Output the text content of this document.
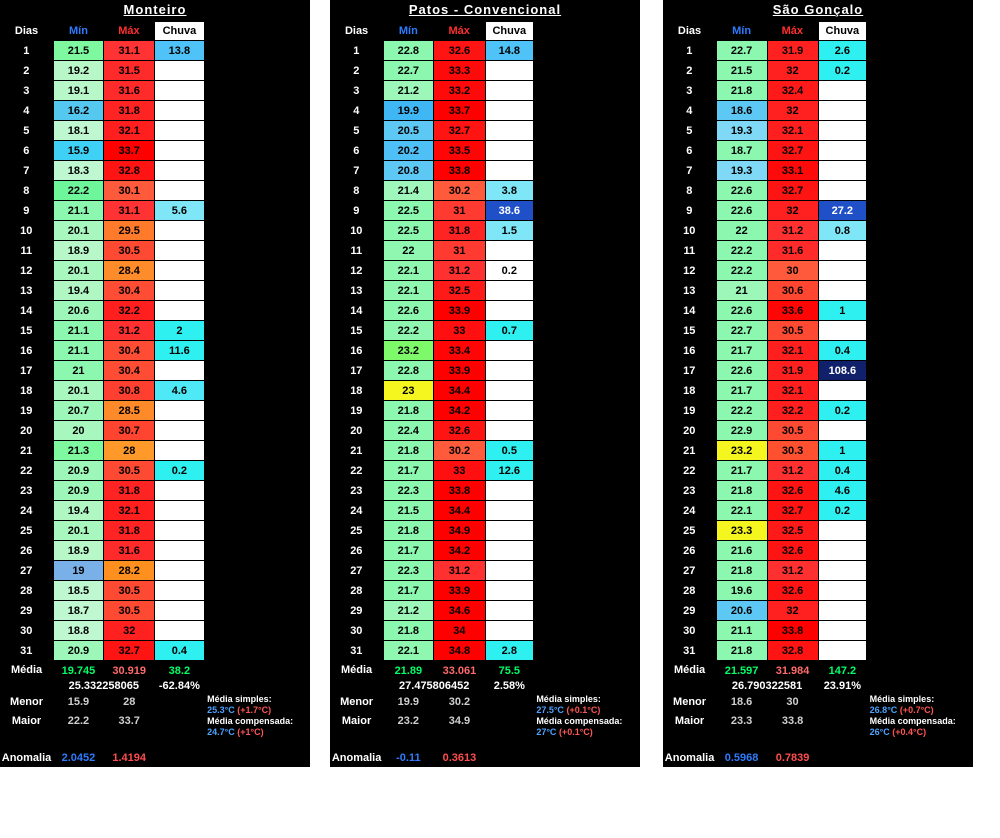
Monteiro
Dias	Mín	Máx	Chuva	
1	21.5	31.1	13.8	
2	19.2	31.5		
3	19.1	31.6		
4	16.2	31.8		
5	18.1	32.1		
6	15.9	33.7		
7	18.3	32.8		
8	22.2	30.1		
9	21.1	31.1	5.6	
10	20.1	29.5		
11	18.9	30.5		
12	20.1	28.4		
13	19.4	30.4		
14	20.6	32.2		
15	21.1	31.2	2	
16	21.1	30.4	11.6	
17	21	30.4		
18	20.1	30.8	4.6	
19	20.7	28.5		
20	20	30.7		
21	21.3	28		
22	20.9	30.5	0.2	
23	20.9	31.8		
24	19.4	32.1		
25	20.1	31.8		
26	18.9	31.6		
27	19	28.2		
28	18.5	30.5		
29	18.7	30.5		
30	18.8	32		
31	20.9	32.7	0.4	
Média	19.745	30.919	38.2	
	25.332258065		-62.84%	
Menor	15.9	28		Média simples:
25.3°C (+1.7°C)
Média compensada:
24.7°C (+1°C)
Maior	22.2	33.7		

Anomalia	2.0452	1.4194		
Patos - Convencional
Dias	Mín	Máx	Chuva	
1	22.8	32.6	14.8	
2	22.7	33.3		
3	21.2	33.2		
4	19.9	33.7		
5	20.5	32.7		
6	20.2	33.5		
7	20.8	33.8		
8	21.4	30.2	3.8	
9	22.5	31	38.6	
10	22.5	31.8	1.5	
11	22	31		
12	22.1	31.2	0.2	
13	22.1	32.5		
14	22.6	33.9		
15	22.2	33	0.7	
16	23.2	33.4		
17	22.8	33.9		
18	23	34.4		
19	21.8	34.2		
20	22.4	32.6		
21	21.8	30.2	0.5	
22	21.7	33	12.6	
23	22.3	33.8		
24	21.5	34.4		
25	21.8	34.9		
26	21.7	34.2		
27	22.3	31.2		
28	21.7	33.9		
29	21.2	34.6		
30	21.8	34		
31	22.1	34.8	2.8	
Média	21.89	33.061	75.5	
	27.475806452		2.58%	
Menor	19.9	30.2		Média simples:
27.5°C (+0.1°C)
Média compensada:
27°C (+0.1°C)
Maior	23.2	34.9		

Anomalia	-0.11	0.3613		
São Gonçalo
Dias	Mín	Máx	Chuva	
1	22.7	31.9	2.6	
2	21.5	32	0.2	
3	21.8	32.4		
4	18.6	32		
5	19.3	32.1		
6	18.7	32.7		
7	19.3	33.1		
8	22.6	32.7		
9	22.6	32	27.2	
10	22	31.2	0.8	
11	22.2	31.6		
12	22.2	30		
13	21	30.6		
14	22.6	33.6	1	
15	22.7	30.5		
16	21.7	32.1	0.4	
17	22.6	31.9	108.6	
18	21.7	32.1		
19	22.2	32.2	0.2	
20	22.9	30.5		
21	23.2	30.3	1	
22	21.7	31.2	0.4	
23	21.8	32.6	4.6	
24	22.1	32.7	0.2	
25	23.3	32.5		
26	21.6	32.6		
27	21.8	31.2		
28	19.6	32.6		
29	20.6	32		
30	21.1	33.8		
31	21.8	32.8		
Média	21.597	31.984	147.2	
	26.790322581		23.91%	
Menor	18.6	30		Média simples:
26.8°C (+0.7°C)
Média compensada:
26°C (+0.4°C)
Maior	23.3	33.8		

Anomalia	0.5968	0.7839		
